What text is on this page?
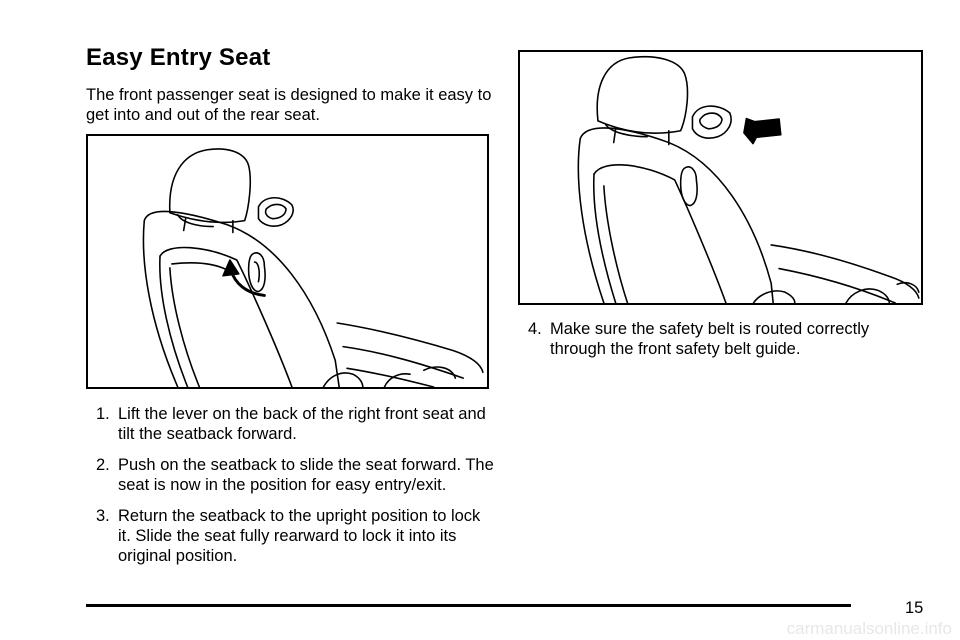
Easy Entry Seat
The front passenger seat is designed to make it easy to get into and out of the rear seat.
1. Lift the lever on the back of the right front seat and tilt the seatback forward.
2. Push on the seatback to slide the seat forward. The seat is now in the position for easy entry/exit.
3. Return the seatback to the upright position to lock it. Slide the seat fully rearward to lock it into its original position.
4. Make sure the safety belt is routed correctly through the front safety belt guide.
15
carmanualsonline.info
